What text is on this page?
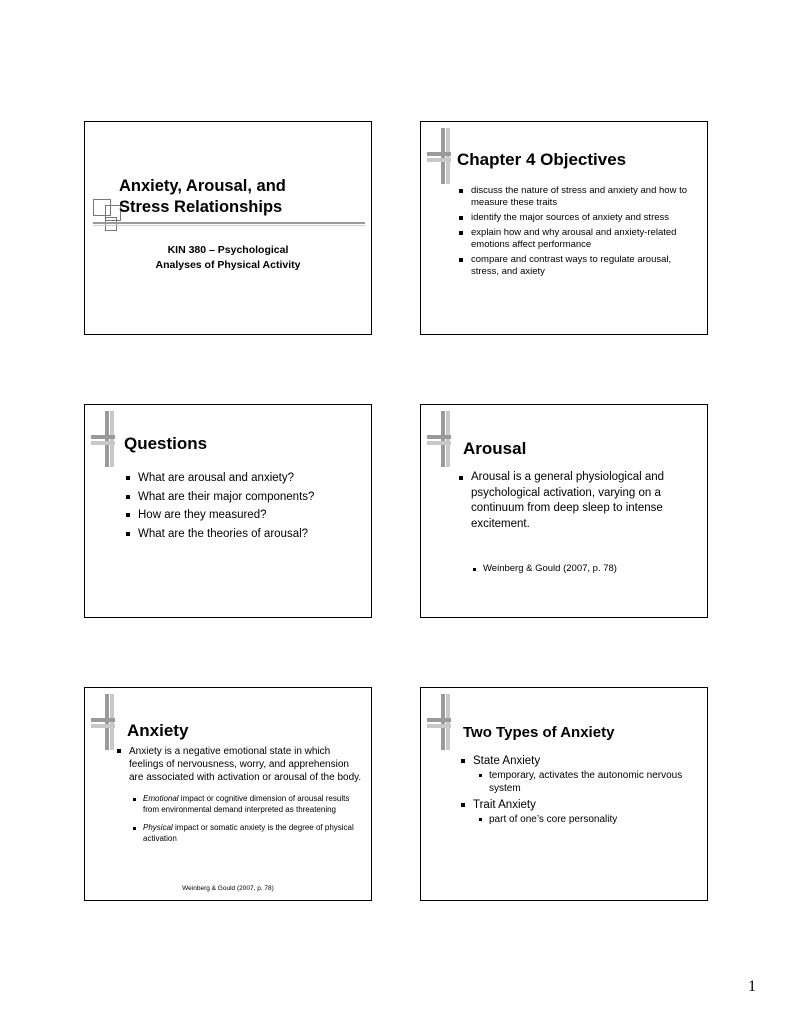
Anxiety, Arousal, and
Stress Relationships
KIN 380 – Psychological
Analyses of Physical Activity
Chapter 4 Objectives
discuss the nature of stress and anxiety and how to measure these traits
identify the major sources of anxiety and stress
explain how and why arousal and anxiety-related emotions affect performance
compare and contrast ways to regulate arousal, stress, and axiety
Questions
What are arousal and anxiety?
What are their major components?
How are they measured?
What are the theories of arousal?
Arousal
Arousal is a general physiological and psychological activation, varying on a continuum from deep sleep to intense excitement.
Weinberg & Gould (2007, p. 78)
Anxiety
Anxiety is a negative emotional state in which feelings of nervousness, worry, and apprehension are associated with activation or arousal of the body.
Emotional impact or cognitive dimension of arousal results from environmental demand interpreted as threatening
Physical impact or somatic anxiety is the degree of physical activation
Weinberg & Gould (2007, p. 78)
Two Types of Anxiety
State Anxiety
temporary, activates the autonomic nervous system
Trait Anxiety
part of one’s core personality
1
